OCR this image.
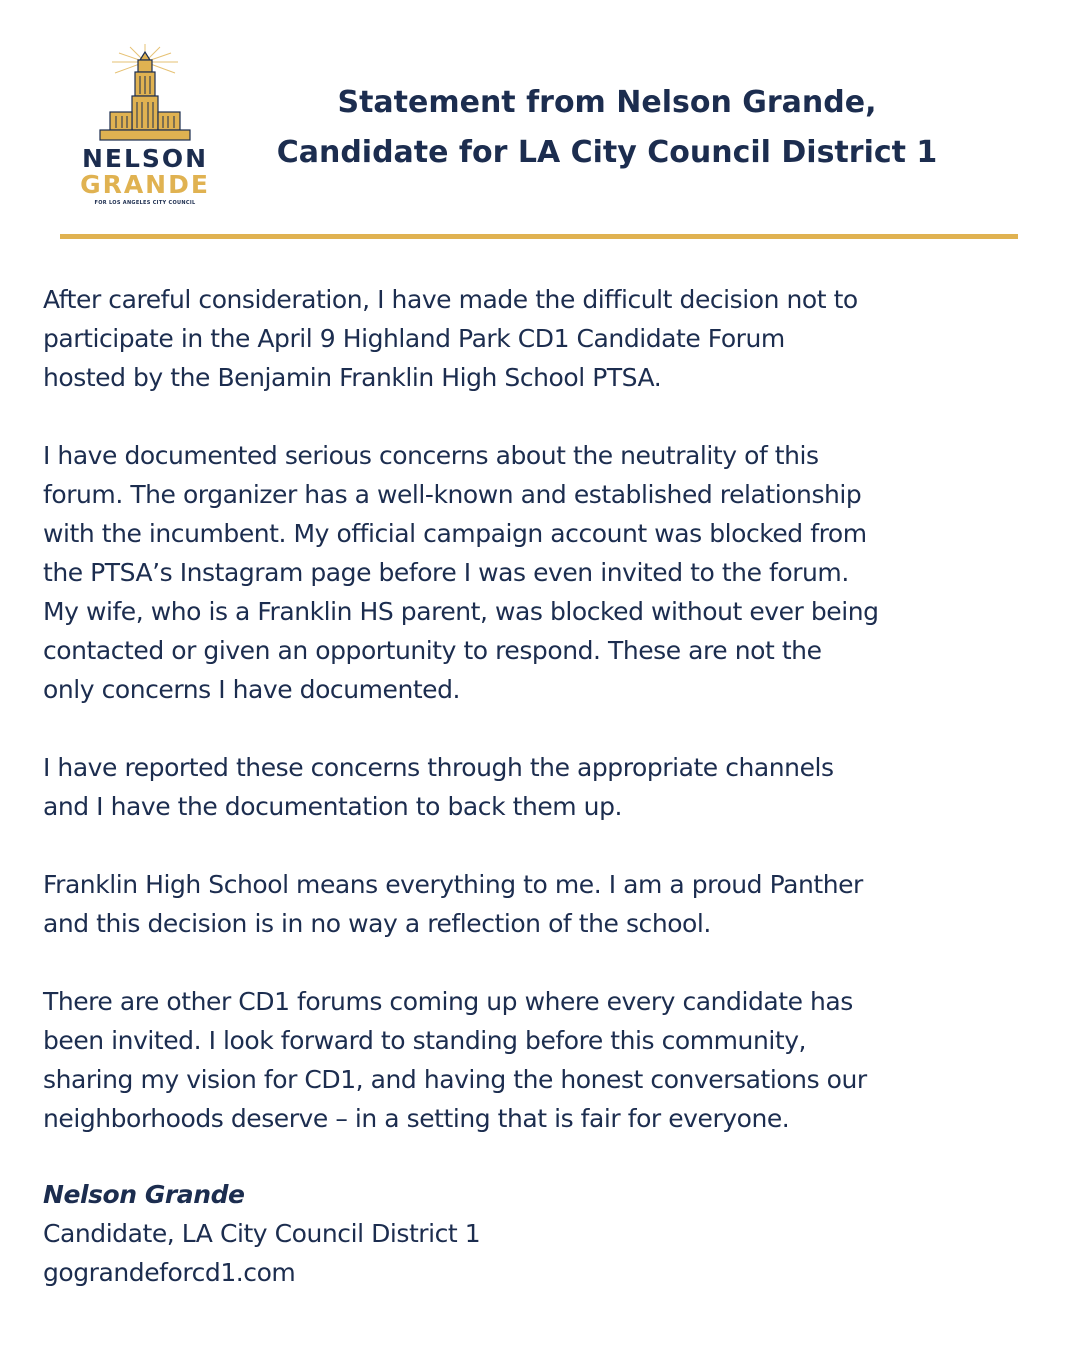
NELSON
GRANDE
FOR LOS ANGELES CITY COUNCIL
Statement from Nelson Grande,
Candidate for LA City Council District 1

After careful consideration, I have made the difficult decision not to
participate in the April 9 Highland Park CD1 Candidate Forum
hosted by the Benjamin Franklin High School PTSA.

I have documented serious concerns about the neutrality of this
forum. The organizer has a well-known and established relationship
with the incumbent. My official campaign account was blocked from
the PTSA’s Instagram page before I was even invited to the forum.
My wife, who is a Franklin HS parent, was blocked without ever being
contacted or given an opportunity to respond. These are not the
only concerns I have documented.

I have reported these concerns through the appropriate channels
and I have the documentation to back them up.

Franklin High School means everything to me. I am a proud Panther
and this decision is in no way a reflection of the school.

There are other CD1 forums coming up where every candidate has
been invited. I look forward to standing before this community,
sharing my vision for CD1, and having the honest conversations our
neighborhoods deserve – in a setting that is fair for everyone.

Nelson Grande
Candidate, LA City Council District 1
gograndeforcd1.com
